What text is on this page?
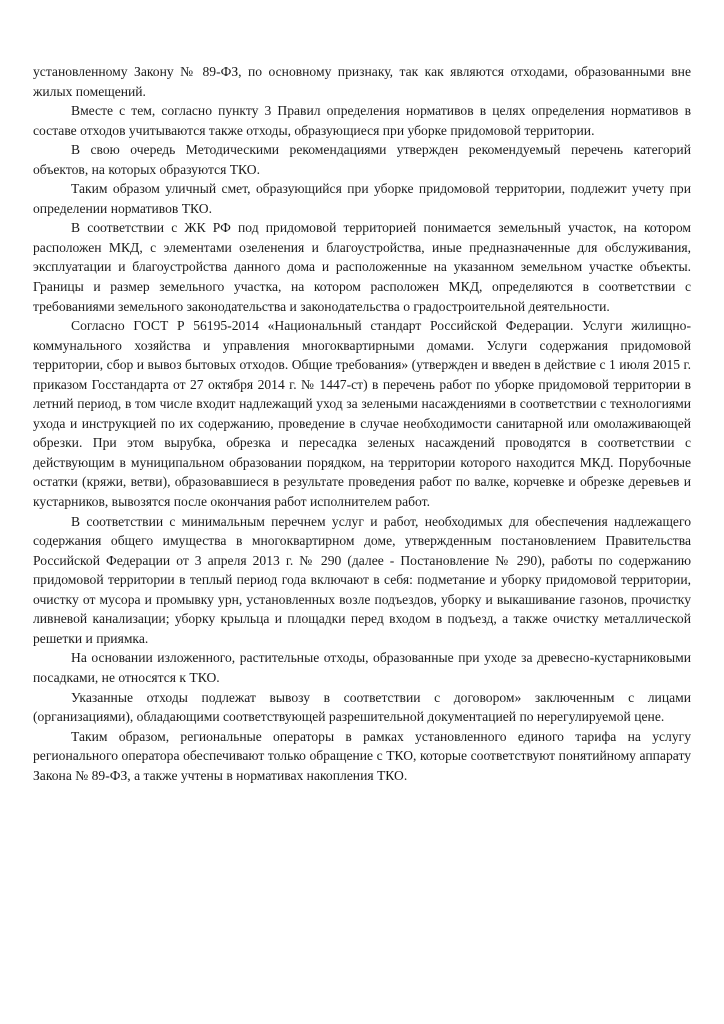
установленному Закону № 89-ФЗ, по основному признаку, так как являются отходами, образованными вне жилых помещений.

Вместе с тем, согласно пункту 3 Правил определения нормативов в целях определения нормативов в составе отходов учитываются также отходы, образующиеся при уборке придомовой территории.

В свою очередь Методическими рекомендациями утвержден рекомендуемый перечень категорий объектов, на которых образуются ТКО.

Таким образом уличный смет, образующийся при уборке придомовой территории, подлежит учету при определении нормативов ТКО.

В соответствии с ЖК РФ под придомовой территорией понимается земельный участок, на котором расположен МКД, с элементами озеленения и благоустройства, иные предназначенные для обслуживания, эксплуатации и благоустройства данного дома и расположенные на указанном земельном участке объекты. Границы и размер земельного участка, на котором расположен МКД, определяются в соответствии с требованиями земельного законодательства и законодательства о градостроительной деятельности.

Согласно ГОСТ Р 56195-2014 «Национальный стандарт Российской Федерации. Услуги жилищно-коммунального хозяйства и управления многоквартирными домами. Услуги содержания придомовой территории, сбор и вывоз бытовых отходов. Общие требования» (утвержден и введен в действие с 1 июля 2015 г. приказом Госстандарта от 27 октября 2014 г. № 1447-ст) в перечень работ по уборке придомовой территории в летний период, в том числе входит надлежащий уход за зелеными насаждениями в соответствии с технологиями ухода и инструкцией по их содержанию, проведение в случае необходимости санитарной или омолаживающей обрезки. При этом вырубка, обрезка и пересадка зеленых насаждений проводятся в соответствии с действующим в муниципальном образовании порядком, на территории которого находится МКД. Порубочные остатки (кряжи, ветви), образовавшиеся в результате проведения работ по валке, корчевке и обрезке деревьев и кустарников, вывозятся после окончания работ исполнителем работ.

В соответствии с минимальным перечнем услуг и работ, необходимых для обеспечения надлежащего содержания общего имущества в многоквартирном доме, утвержденным постановлением Правительства Российской Федерации от 3 апреля 2013 г. № 290 (далее - Постановление № 290), работы по содержанию придомовой территории в теплый период года включают в себя: подметание и уборку придомовой территории, очистку от мусора и промывку урн, установленных возле подъездов, уборку и выкашивание газонов, прочистку ливневой канализации; уборку крыльца и площадки перед входом в подъезд, а также очистку металлической решетки и приямка.

На основании изложенного, растительные отходы, образованные при уходе за древесно-кустарниковыми посадками, не относятся к ТКО.

Указанные отходы подлежат вывозу в соответствии с договором» заключенным с лицами (организациями), обладающими соответствующей разрешительной документацией по нерегулируемой цене.

Таким образом, региональные операторы в рамках установленного единого тарифа на услугу регионального оператора обеспечивают только обращение с ТКО, которые соответствуют понятийному аппарату Закона № 89-ФЗ, а также учтены в нормативах накопления ТКО.
